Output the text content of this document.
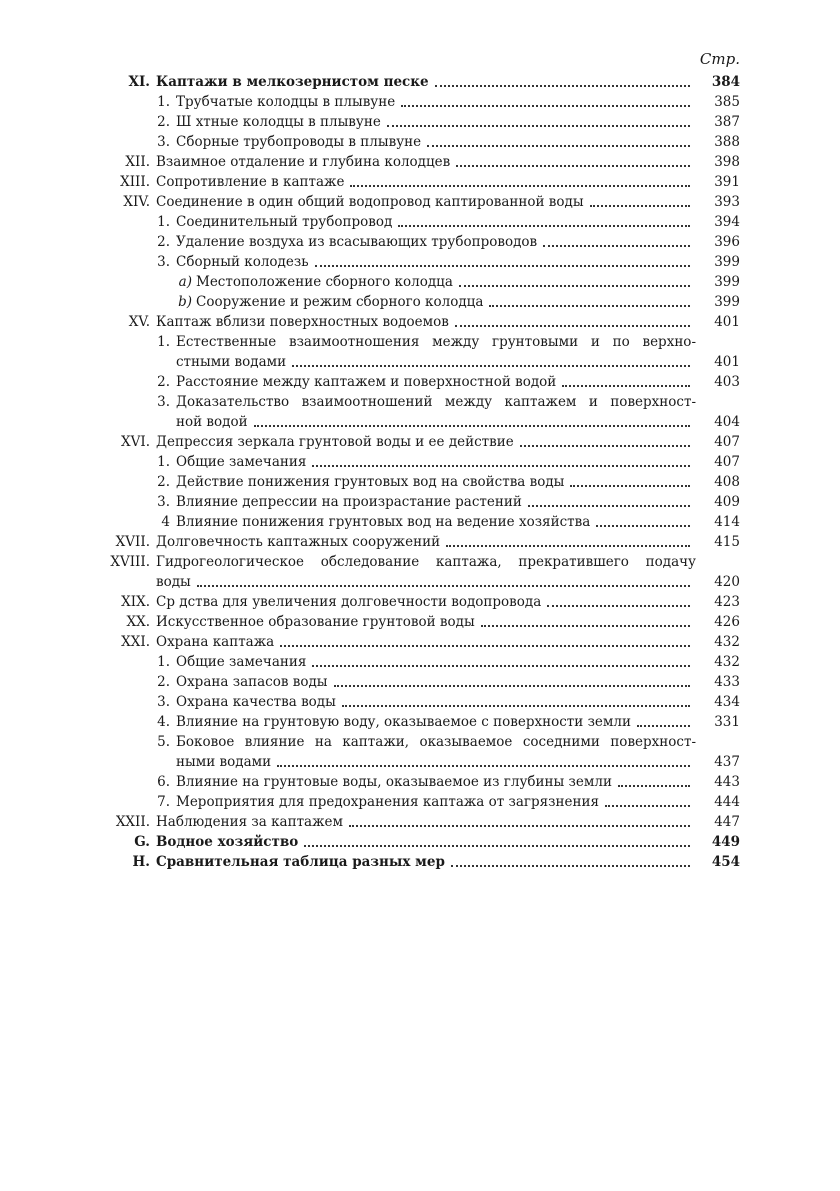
Стр.
XI. Каптажи в мелкозернистом песке	384
1. Трубчатые колодцы в плывуне	385
2. Ш хтные колодцы в плывуне	387
3. Сборные трубопроводы в плывуне	388
XII. Взаимное отдаление и глубина колодцев	398
XIII. Сопротивление в каптаже	391
XIV. Соединение в один общий водопровод каптированной воды	393
1. Соединительный трубопровод	394
2. Удаление воздуха из всасывающих трубопроводов	396
3. Сборный колодезь	399
a) Местоположение сборного колодца	399
b) Сооружение и режим сборного колодца	399
XV. Каптаж вблизи поверхностных водоемов	401
1. Естественные взаимоотношения между грунтовыми и по верхно-
стными водами	401
2. Расстояние между каптажем и поверхностной водой	403
3. Доказательство взаимоотношений между каптажем и поверхност-
ной водой	404
XVI. Депрессия зеркала грунтовой воды и ее действие	407
1. Общие замечания	407
2. Действие понижения грунтовых вод на свойства воды	408
3. Влияние депрессии на произрастание растений	409
4 Влияние понижения грунтовых вод на ведение хозяйства	414
XVII. Долговечность каптажных сооружений	415
XVIII. Гидрогеологическое обследование каптажа, прекратившего подачу
воды	420
XIX. Ср дства для увеличения долговечности водопровода	423
XX. Искусственное образование грунтовой воды	426
XXI. Охрана каптажа	432
1. Общие замечания	432
2. Охрана запасов воды	433
3. Охрана качества воды	434
4. Влияние на грунтовую воду, оказываемое с поверхности земли	331
5. Боковое влияние на каптажи, оказываемое соседними поверхност-
ными водами	437
6. Влияние на грунтовые воды, оказываемое из глубины земли	443
7. Мероприятия для предохранения каптажа от загрязнения	444
XXII. Наблюдения за каптажем	447
G. Водное хозяйство	449
H. Сравнительная таблица разных мер	454
